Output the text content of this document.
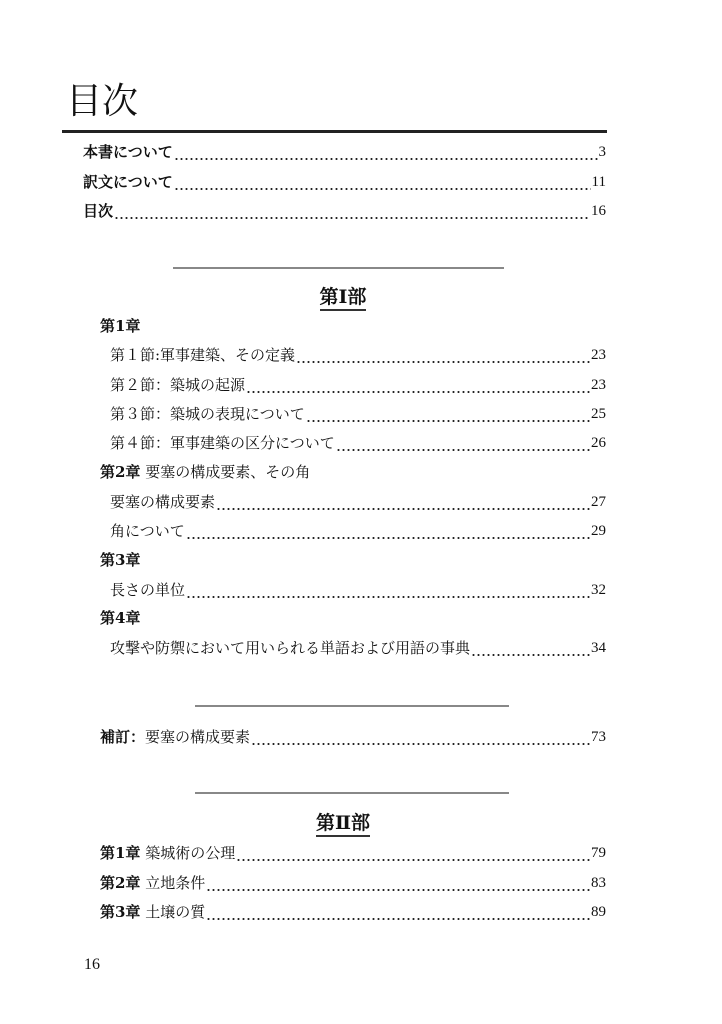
目次
本書について	3
訳文について	11
目次	16
第Ⅰ部
第1章
第１節:軍事建築、その定義	23
第２節：築城の起源	23
第３節：築城の表現について	25
第４節：軍事建築の区分について	26
第2章 要塞の構成要素、その角
要塞の構成要素	27
角について	29
第3章
長さの単位	32
第4章
攻撃や防禦において用いられる単語および用語の事典	34
補訂：要塞の構成要素	73
第Ⅱ部
第1章 築城術の公理	79
第2章 立地条件	83
第3章 土壌の質	89
16
